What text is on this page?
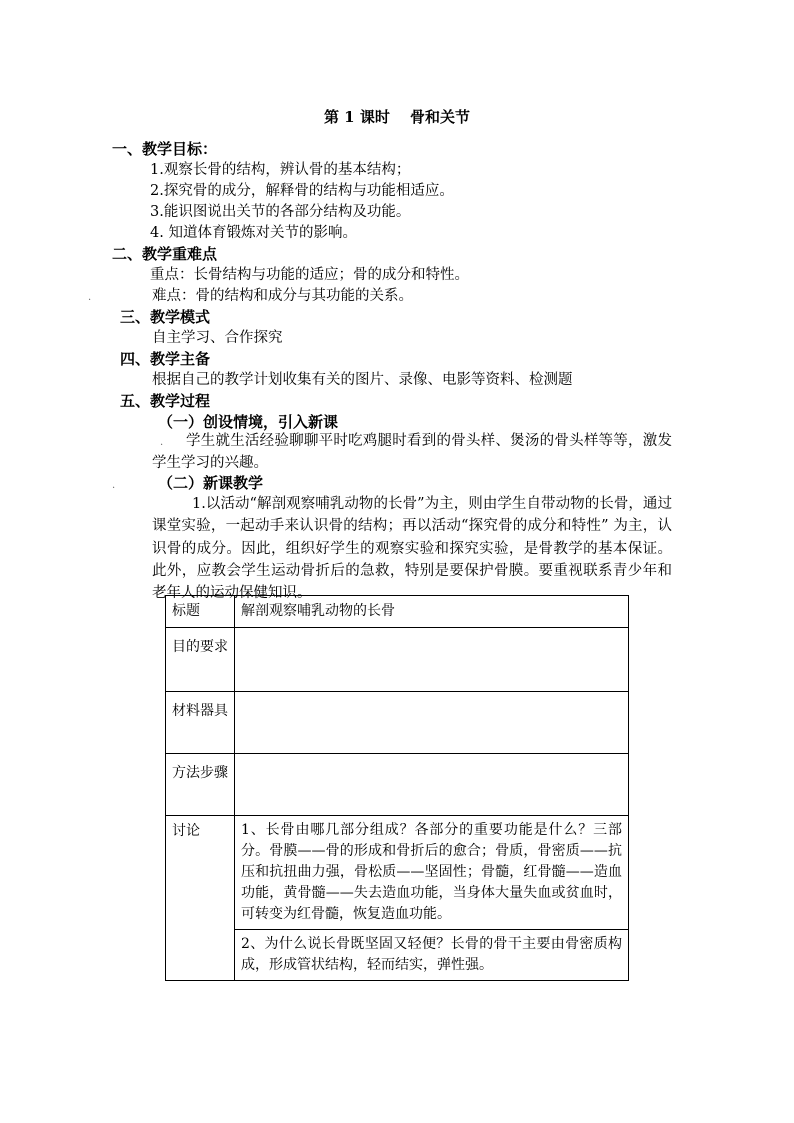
第 1 课时　 骨和关节
一、教学目标：
1.观察长骨的结构，辨认骨的基本结构；
2.探究骨的成分，解释骨的结构与功能相适应。
3.能识图说出关节的各部分结构及功能。
4. 知道体育锻炼对关节的影响。
二、教学重难点
重点：长骨结构与功能的适应；骨的成分和特性。
.	难点：骨的结构和成分与其功能的关系。
三、教学模式
自主学习、合作探究
四、教学主备
根据自己的教学计划收集有关的图片、录像、电影等资料、检测题
五、教学过程
（一）创设情境，引入新课
.	学生就生活经验聊聊平时吃鸡腿时看到的骨头样、煲汤的骨头样等等，激发学生学习的兴趣。
.	（二）新课教学
1.以活动“解剖观察哺乳动物的长骨”为主，则由学生自带动物的长骨，通过课堂实验，一起动手来认识骨的结构；再以活动“探究骨的成分和特性” 为主，认识骨的成分。因此，组织好学生的观察实验和探究实验，是骨教学的基本保证。此外，应教会学生运动骨折后的急救，特别是要保护骨膜。要重视联系青少年和老年人的运动保健知识。
标题	解剖观察哺乳动物的长骨
目的要求	
材料器具	
方法步骤	
讨论	1、长骨由哪几部分组成？各部分的重要功能是什么？三部分。骨膜——骨的形成和骨折后的愈合；骨质，骨密质——抗压和抗扭曲力强，骨松质——坚固性；骨髓，红骨髓——造血功能，黄骨髓——失去造血功能，当身体大量失血或贫血时，可转变为红骨髓，恢复造血功能。
	2、为什么说长骨既坚固又轻便？长骨的骨干主要由骨密质构成，形成管状结构，轻而结实，弹性强。
